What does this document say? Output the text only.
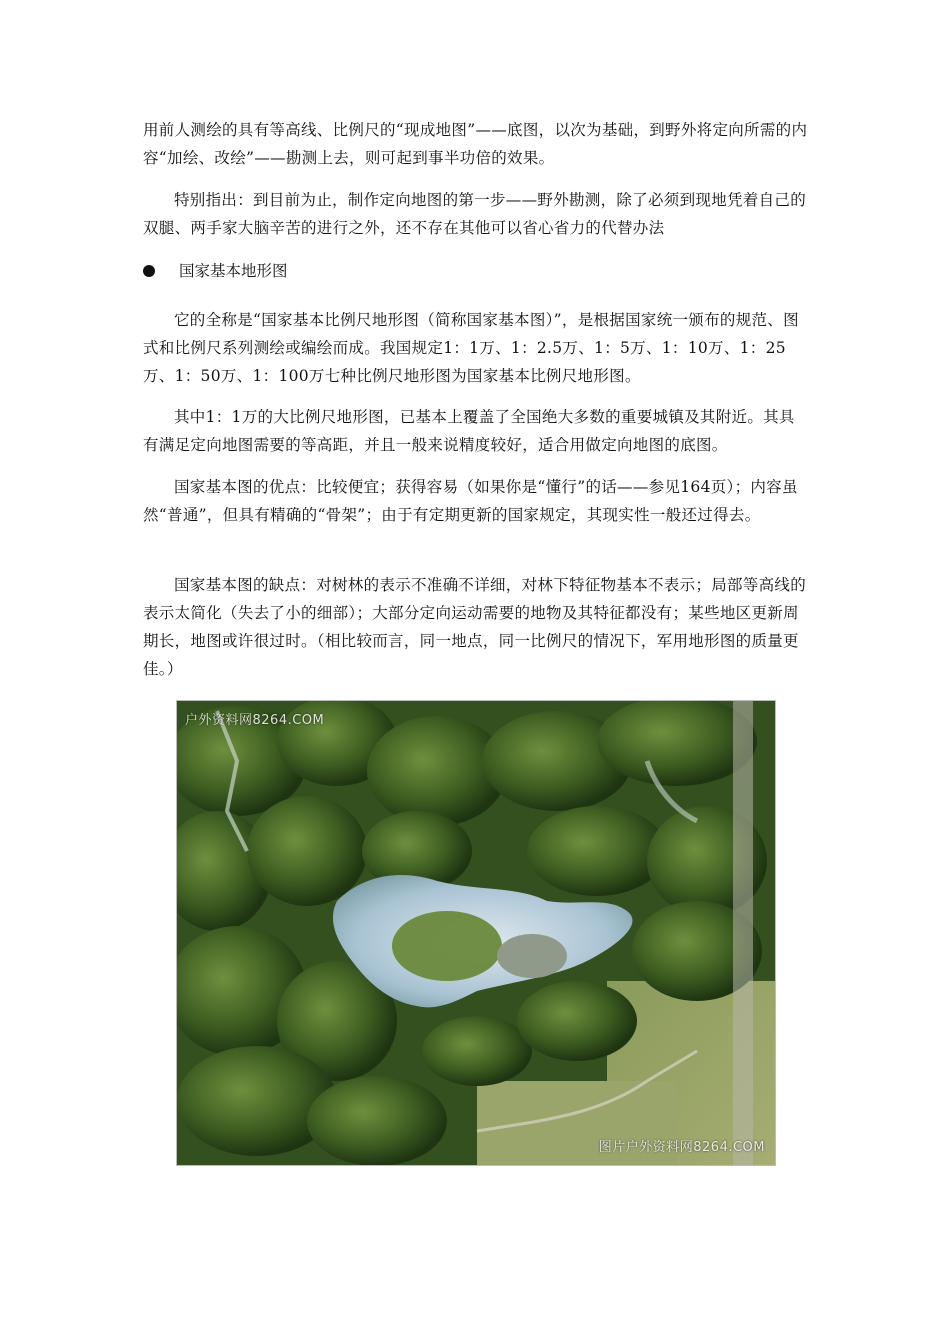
用前人测绘的具有等高线、比例尺的“现成地图”——底图，以次为基础，到野外将定向所需的内容“加绘、改绘”——勘测上去，则可起到事半功倍的效果。

特别指出：到目前为止，制作定向地图的第一步——野外勘测，除了必须到现地凭着自己的双腿、两手家大脑辛苦的进行之外，还不存在其他可以省心省力的代替办法

国家基本地形图

它的全称是“国家基本比例尺地形图（简称国家基本图）”，是根据国家统一颁布的规范、图式和比例尺系列测绘或编绘而成。我国规定1：1万、1：2.5万、1：5万、1：10万、1：25万、1：50万、1：100万七种比例尺地形图为国家基本比例尺地形图。

其中1：1万的大比例尺地形图，已基本上覆盖了全国绝大多数的重要城镇及其附近。其具有满足定向地图需要的等高距，并且一般来说精度较好，适合用做定向地图的底图。

国家基本图的优点：比较便宜；获得容易（如果你是“懂行”的话——参见164页）；内容虽然“普通”，但具有精确的“骨架”；由于有定期更新的国家规定，其现实性一般还过得去。

国家基本图的缺点：对树林的表示不准确不详细，对林下特征物基本不表示；局部等高线的表示太简化（失去了小的细部）；大部分定向运动需要的地物及其特征都没有；某些地区更新周期长，地图或许很过时。（相比较而言，同一地点，同一比例尺的情况下，军用地形图的质量更佳。）

户外资料网8264.COM
图片户外资料网8264.COM
